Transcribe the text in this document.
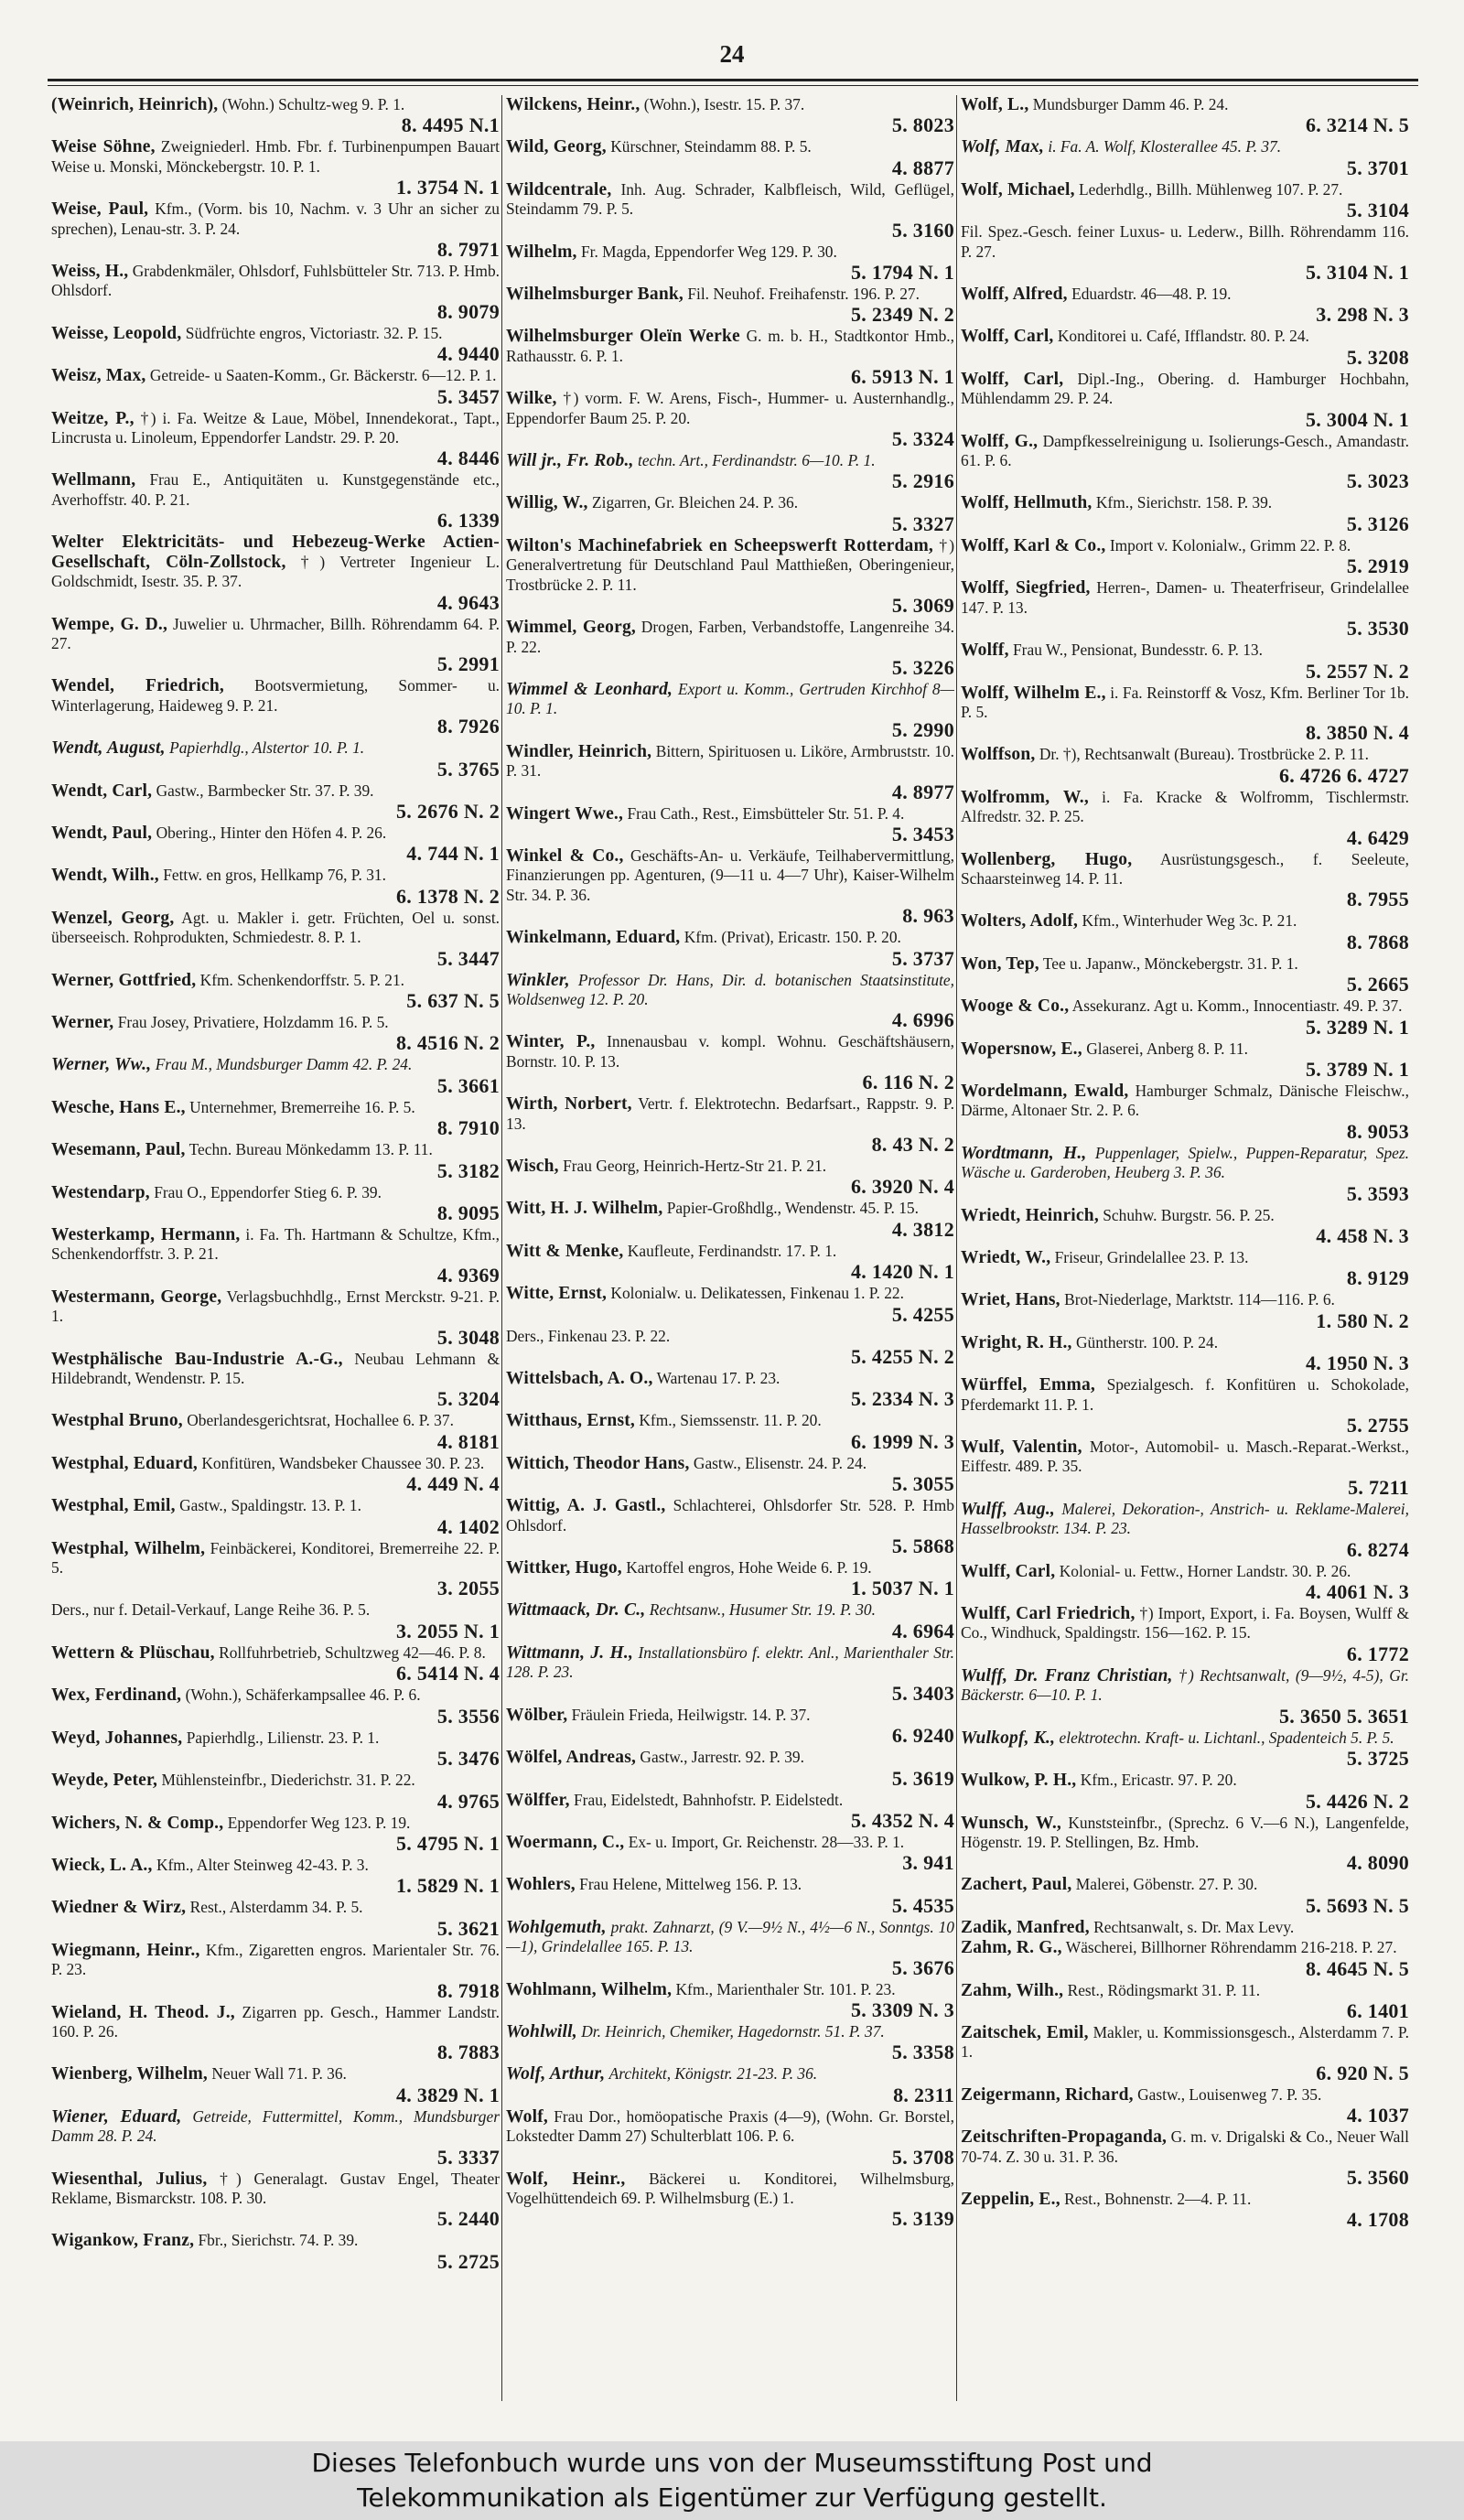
24
(Weinrich, Heinrich), (Wohn.) Schultz-weg 9. P. 1.
8. 4495 N.1
Weise Söhne, Zweigniederl. Hmb. Fbr. f. Turbinenpumpen Bauart Weise u. Monski, Mönckebergstr. 10. P. 1.
1. 3754 N. 1
Weise, Paul, Kfm., (Vorm. bis 10, Nachm. v. 3 Uhr an sicher zu sprechen), Lenau-str. 3. P. 24.
8. 7971
Weiss, H., Grabdenkmäler, Ohlsdorf, Fuhlsbütteler Str. 713. P. Hmb. Ohlsdorf.
8. 9079
Weisse, Leopold, Südfrüchte engros, Victoriastr. 32. P. 15.
4. 9440
Weisz, Max, Getreide- u Saaten-Komm., Gr. Bäckerstr. 6—12. P. 1.
5. 3457
Weitze, P., †) i. Fa. Weitze & Laue, Möbel, Innendekorat., Tapt., Lincrusta u. Linoleum, Eppendorfer Landstr. 29. P. 20.
4. 8446
Wellmann, Frau E., Antiquitäten u. Kunstgegenstände etc., Averhoffstr. 40. P. 21.
6. 1339
Welter Elektricitäts- und Hebezeug-Werke Actien-Gesellschaft, Cöln-Zollstock, †) Vertreter Ingenieur L. Goldschmidt, Isestr. 35. P. 37.
4. 9643
Wempe, G. D., Juwelier u. Uhrmacher, Billh. Röhrendamm 64. P. 27.
5. 2991
Wendel, Friedrich, Bootsvermietung, Sommer- u. Winterlagerung, Haideweg 9. P. 21.
8. 7926
Wendt, August, Papierhdlg., Alstertor 10. P. 1.
5. 3765
Wendt, Carl, Gastw., Barmbecker Str. 37. P. 39.
5. 2676 N. 2
Wendt, Paul, Obering., Hinter den Höfen 4. P. 26.
4. 744 N. 1
Wendt, Wilh., Fettw. en gros, Hellkamp 76, P. 31.
6. 1378 N. 2
Wenzel, Georg, Agt. u. Makler i. getr. Früchten, Oel u. sonst. überseeisch. Rohprodukten, Schmiedestr. 8. P. 1.
5. 3447
Werner, Gottfried, Kfm. Schenkendorffstr. 5. P. 21.
5. 637 N. 5
Werner, Frau Josey, Privatiere, Holzdamm 16. P. 5.
8. 4516 N. 2
Werner, Ww., Frau M., Mundsburger Damm 42. P. 24.
5. 3661
Wesche, Hans E., Unternehmer, Bremerreihe 16. P. 5.
8. 7910
Wesemann, Paul, Techn. Bureau Mönkedamm 13. P. 11.
5. 3182
Westendarp, Frau O., Eppendorfer Stieg 6. P. 39.
8. 9095
Westerkamp, Hermann, i. Fa. Th. Hartmann & Schultze, Kfm., Schenkendorffstr. 3. P. 21.
4. 9369
Westermann, George, Verlagsbuchhdlg., Ernst Merckstr. 9-21. P. 1.
5. 3048
Westphälische Bau-Industrie A.-G., Neubau Lehmann & Hildebrandt, Wendenstr. P. 15.
5. 3204
Westphal Bruno, Oberlandesgerichtsrat, Hochallee 6. P. 37.
4. 8181
Westphal, Eduard, Konfitüren, Wandsbeker Chaussee 30. P. 23.
4. 449 N. 4
Westphal, Emil, Gastw., Spaldingstr. 13. P. 1.
4. 1402
Westphal, Wilhelm, Feinbäckerei, Konditorei, Bremerreihe 22. P. 5.
3. 2055
Ders., nur f. Detail-Verkauf, Lange Reihe 36. P. 5.
3. 2055 N. 1
Wettern & Plüschau, Rollfuhrbetrieb, Schultzweg 42—46. P. 8.
6. 5414 N. 4
Wex, Ferdinand, (Wohn.), Schäferkampsallee 46. P. 6.
5. 3556
Weyd, Johannes, Papierhdlg., Lilienstr. 23. P. 1.
5. 3476
Weyde, Peter, Mühlensteinfbr., Diederichstr. 31. P. 22.
4. 9765
Wichers, N. & Comp., Eppendorfer Weg 123. P. 19.
5. 4795 N. 1
Wieck, L. A., Kfm., Alter Steinweg 42-43. P. 3.
1. 5829 N. 1
Wiedner & Wirz, Rest., Alsterdamm 34. P. 5.
5. 3621
Wiegmann, Heinr., Kfm., Zigaretten engros. Marientaler Str. 76. P. 23.
8. 7918
Wieland, H. Theod. J., Zigarren pp. Gesch., Hammer Landstr. 160. P. 26.
8. 7883
Wienberg, Wilhelm, Neuer Wall 71. P. 36.
4. 3829 N. 1
Wiener, Eduard, Getreide, Futtermittel, Komm., Mundsburger Damm 28. P. 24.
5. 3337
Wiesenthal, Julius, †) Generalagt. Gustav Engel, Theater Reklame, Bismarckstr. 108. P. 30.
5. 2440
Wigankow, Franz, Fbr., Sierichstr. 74. P. 39.
5. 2725
Wilckens, Heinr., (Wohn.), Isestr. 15. P. 37.
5. 8023
Wild, Georg, Kürschner, Steindamm 88. P. 5.
4. 8877
Wildcentrale, Inh. Aug. Schrader, Kalbfleisch, Wild, Geflügel, Steindamm 79. P. 5.
5. 3160
Wilhelm, Fr. Magda, Eppendorfer Weg 129. P. 30.
5. 1794 N. 1
Wilhelmsburger Bank, Fil. Neuhof. Freihafenstr. 196. P. 27.
5. 2349 N. 2
Wilhelmsburger Oleïn Werke G. m. b. H., Stadtkontor Hmb., Rathausstr. 6. P. 1.
6. 5913 N. 1
Wilke, †) vorm. F. W. Arens, Fisch-, Hummer- u. Austernhandlg., Eppendorfer Baum 25. P. 20.
5. 3324
Will jr., Fr. Rob., techn. Art., Ferdinandstr. 6—10. P. 1.
5. 2916
Willig, W., Zigarren, Gr. Bleichen 24. P. 36.
5. 3327
Wilton's Machinefabriek en Scheepswerft Rotterdam, †) Generalvertretung für Deutschland Paul Matthießen, Oberingenieur, Trostbrücke 2. P. 11.
5. 3069
Wimmel, Georg, Drogen, Farben, Verbandstoffe, Langenreihe 34. P. 22.
5. 3226
Wimmel & Leonhard, Export u. Komm., Gertruden Kirchhof 8—10. P. 1.
5. 2990
Windler, Heinrich, Bittern, Spirituosen u. Liköre, Armbruststr. 10. P. 31.
4. 8977
Wingert Wwe., Frau Cath., Rest., Eimsbütteler Str. 51. P. 4.
5. 3453
Winkel & Co., Geschäfts-An- u. Verkäufe, Teilhabervermittlung, Finanzierungen pp. Agenturen, (9—11 u. 4—7 Uhr), Kaiser-Wilhelm Str. 34. P. 36.
8. 963
Winkelmann, Eduard, Kfm. (Privat), Ericastr. 150. P. 20.
5. 3737
Winkler, Professor Dr. Hans, Dir. d. botanischen Staatsinstitute, Woldsenweg 12. P. 20.
4. 6996
Winter, P., Innenausbau v. kompl. Wohnu. Geschäftshäusern, Bornstr. 10. P. 13.
6. 116 N. 2
Wirth, Norbert, Vertr. f. Elektrotechn. Bedarfsart., Rappstr. 9. P. 13.
8. 43 N. 2
Wisch, Frau Georg, Heinrich-Hertz-Str 21. P. 21.
6. 3920 N. 4
Witt, H. J. Wilhelm, Papier-Großhdlg., Wendenstr. 45. P. 15.
4. 3812
Witt & Menke, Kaufleute, Ferdinandstr. 17. P. 1.
4. 1420 N. 1
Witte, Ernst, Kolonialw. u. Delikatessen, Finkenau 1. P. 22.
5. 4255
Ders., Finkenau 23. P. 22.
5. 4255 N. 2
Wittelsbach, A. O., Wartenau 17. P. 23.
5. 2334 N. 3
Witthaus, Ernst, Kfm., Siemssenstr. 11. P. 20.
6. 1999 N. 3
Wittich, Theodor Hans, Gastw., Elisenstr. 24. P. 24.
5. 3055
Wittig, A. J. Gastl., Schlachterei, Ohlsdorfer Str. 528. P. Hmb Ohlsdorf.
5. 5868
Wittker, Hugo, Kartoffel engros, Hohe Weide 6. P. 19.
1. 5037 N. 1
Wittmaack, Dr. C., Rechtsanw., Husumer Str. 19. P. 30.
4. 6964
Wittmann, J. H., Installationsbüro f. elektr. Anl., Marienthaler Str. 128. P. 23.
5. 3403
Wölber, Fräulein Frieda, Heilwigstr. 14. P. 37.
6. 9240
Wölfel, Andreas, Gastw., Jarrestr. 92. P. 39.
5. 3619
Wölffer, Frau, Eidelstedt, Bahnhofstr. P. Eidelstedt.
5. 4352 N. 4
Woermann, C., Ex- u. Import, Gr. Reichenstr. 28—33. P. 1.
3. 941
Wohlers, Frau Helene, Mittelweg 156. P. 13.
5. 4535
Wohlgemuth, prakt. Zahnarzt, (9 V.—9½ N., 4½—6 N., Sonntgs. 10—1), Grindelallee 165. P. 13.
5. 3676
Wohlmann, Wilhelm, Kfm., Marienthaler Str. 101. P. 23.
5. 3309 N. 3
Wohlwill, Dr. Heinrich, Chemiker, Hagedornstr. 51. P. 37.
5. 3358
Wolf, Arthur, Architekt, Königstr. 21-23. P. 36.
8. 2311
Wolf, Frau Dor., homöopatische Praxis (4—9), (Wohn. Gr. Borstel, Lokstedter Damm 27) Schulterblatt 106. P. 6.
5. 3708
Wolf, Heinr., Bäckerei u. Konditorei, Wilhelmsburg, Vogelhüttendeich 69. P. Wilhelmsburg (E.) 1.
5. 3139
Wolf, L., Mundsburger Damm 46. P. 24.
6. 3214 N. 5
Wolf, Max, i. Fa. A. Wolf, Klosterallee 45. P. 37.
5. 3701
Wolf, Michael, Lederhdlg., Billh. Mühlenweg 107. P. 27.
5. 3104
Fil. Spez.-Gesch. feiner Luxus- u. Lederw., Billh. Röhrendamm 116. P. 27.
5. 3104 N. 1
Wolff, Alfred, Eduardstr. 46—48. P. 19.
3. 298 N. 3
Wolff, Carl, Konditorei u. Café, Ifflandstr. 80. P. 24.
5. 3208
Wolff, Carl, Dipl.-Ing., Obering. d. Hamburger Hochbahn, Mühlendamm 29. P. 24.
5. 3004 N. 1
Wolff, G., Dampfkesselreinigung u. Isolierungs-Gesch., Amandastr. 61. P. 6.
5. 3023
Wolff, Hellmuth, Kfm., Sierichstr. 158. P. 39.
5. 3126
Wolff, Karl & Co., Import v. Kolonialw., Grimm 22. P. 8.
5. 2919
Wolff, Siegfried, Herren-, Damen- u. Theaterfriseur, Grindelallee 147. P. 13.
5. 3530
Wolff, Frau W., Pensionat, Bundesstr. 6. P. 13.
5. 2557 N. 2
Wolff, Wilhelm E., i. Fa. Reinstorff & Vosz, Kfm. Berliner Tor 1b. P. 5.
8. 3850 N. 4
Wolffson, Dr. †), Rechtsanwalt (Bureau). Trostbrücke 2. P. 11.
6. 4726 6. 4727
Wolfromm, W., i. Fa. Kracke & Wolfromm, Tischlermstr. Alfredstr. 32. P. 25.
4. 6429
Wollenberg, Hugo, Ausrüstungsgesch., f. Seeleute, Schaarsteinweg 14. P. 11.
8. 7955
Wolters, Adolf, Kfm., Winterhuder Weg 3c. P. 21.
8. 7868
Won, Tep, Tee u. Japanw., Mönckebergstr. 31. P. 1.
5. 2665
Wooge & Co., Assekuranz. Agt u. Komm., Innocentiastr. 49. P. 37.
5. 3289 N. 1
Wopersnow, E., Glaserei, Anberg 8. P. 11.
5. 3789 N. 1
Wordelmann, Ewald, Hamburger Schmalz, Dänische Fleischw., Därme, Altonaer Str. 2. P. 6.
8. 9053
Wordtmann, H., Puppenlager, Spielw., Puppen-Reparatur, Spez. Wäsche u. Garderoben, Heuberg 3. P. 36.
5. 3593
Wriedt, Heinrich, Schuhw. Burgstr. 56. P. 25.
4. 458 N. 3
Wriedt, W., Friseur, Grindelallee 23. P. 13.
8. 9129
Wriet, Hans, Brot-Niederlage, Marktstr. 114—116. P. 6.
1. 580 N. 2
Wright, R. H., Güntherstr. 100. P. 24.
4. 1950 N. 3
Würffel, Emma, Spezialgesch. f. Konfitüren u. Schokolade, Pferdemarkt 11. P. 1.
5. 2755
Wulf, Valentin, Motor-, Automobil- u. Masch.-Reparat.-Werkst., Eiffestr. 489. P. 35.
5. 7211
Wulff, Aug., Malerei, Dekoration-, Anstrich- u. Reklame-Malerei, Hasselbrookstr. 134. P. 23.
6. 8274
Wulff, Carl, Kolonial- u. Fettw., Horner Landstr. 30. P. 26.
4. 4061 N. 3
Wulff, Carl Friedrich, †) Import, Export, i. Fa. Boysen, Wulff & Co., Windhuck, Spaldingstr. 156—162. P. 15.
6. 1772
Wulff, Dr. Franz Christian, †) Rechtsanwalt, (9—9½, 4-5), Gr. Bäckerstr. 6—10. P. 1.
5. 3650 5. 3651
Wulkopf, K., elektrotechn. Kraft- u. Lichtanl., Spadenteich 5. P. 5.
5. 3725
Wulkow, P. H., Kfm., Ericastr. 97. P. 20.
5. 4426 N. 2
Wunsch, W., Kunststeinfbr., (Sprechz. 6 V.—6 N.), Langenfelde, Högenstr. 19. P. Stellingen, Bz. Hmb.
4. 8090
Zachert, Paul, Malerei, Göbenstr. 27. P. 30.
5. 5693 N. 5
Zadik, Manfred, Rechtsanwalt, s. Dr. Max Levy.
Zahm, R. G., Wäscherei, Billhorner Röhrendamm 216-218. P. 27.
8. 4645 N. 5
Zahm, Wilh., Rest., Rödingsmarkt 31. P. 11.
6. 1401
Zaitschek, Emil, Makler, u. Kommissionsgesch., Alsterdamm 7. P. 1.
6. 920 N. 5
Zeigermann, Richard, Gastw., Louisenweg 7. P. 35.
4. 1037
Zeitschriften-Propaganda, G. m. v. Drigalski & Co., Neuer Wall 70-74. Z. 30 u. 31. P. 36.
5. 3560
Zeppelin, E., Rest., Bohnenstr. 2—4. P. 11.
4. 1708
Dieses Telefonbuch wurde uns von der Museumsstiftung Post und
Telekommunikation als Eigentümer zur Verfügung gestellt.
